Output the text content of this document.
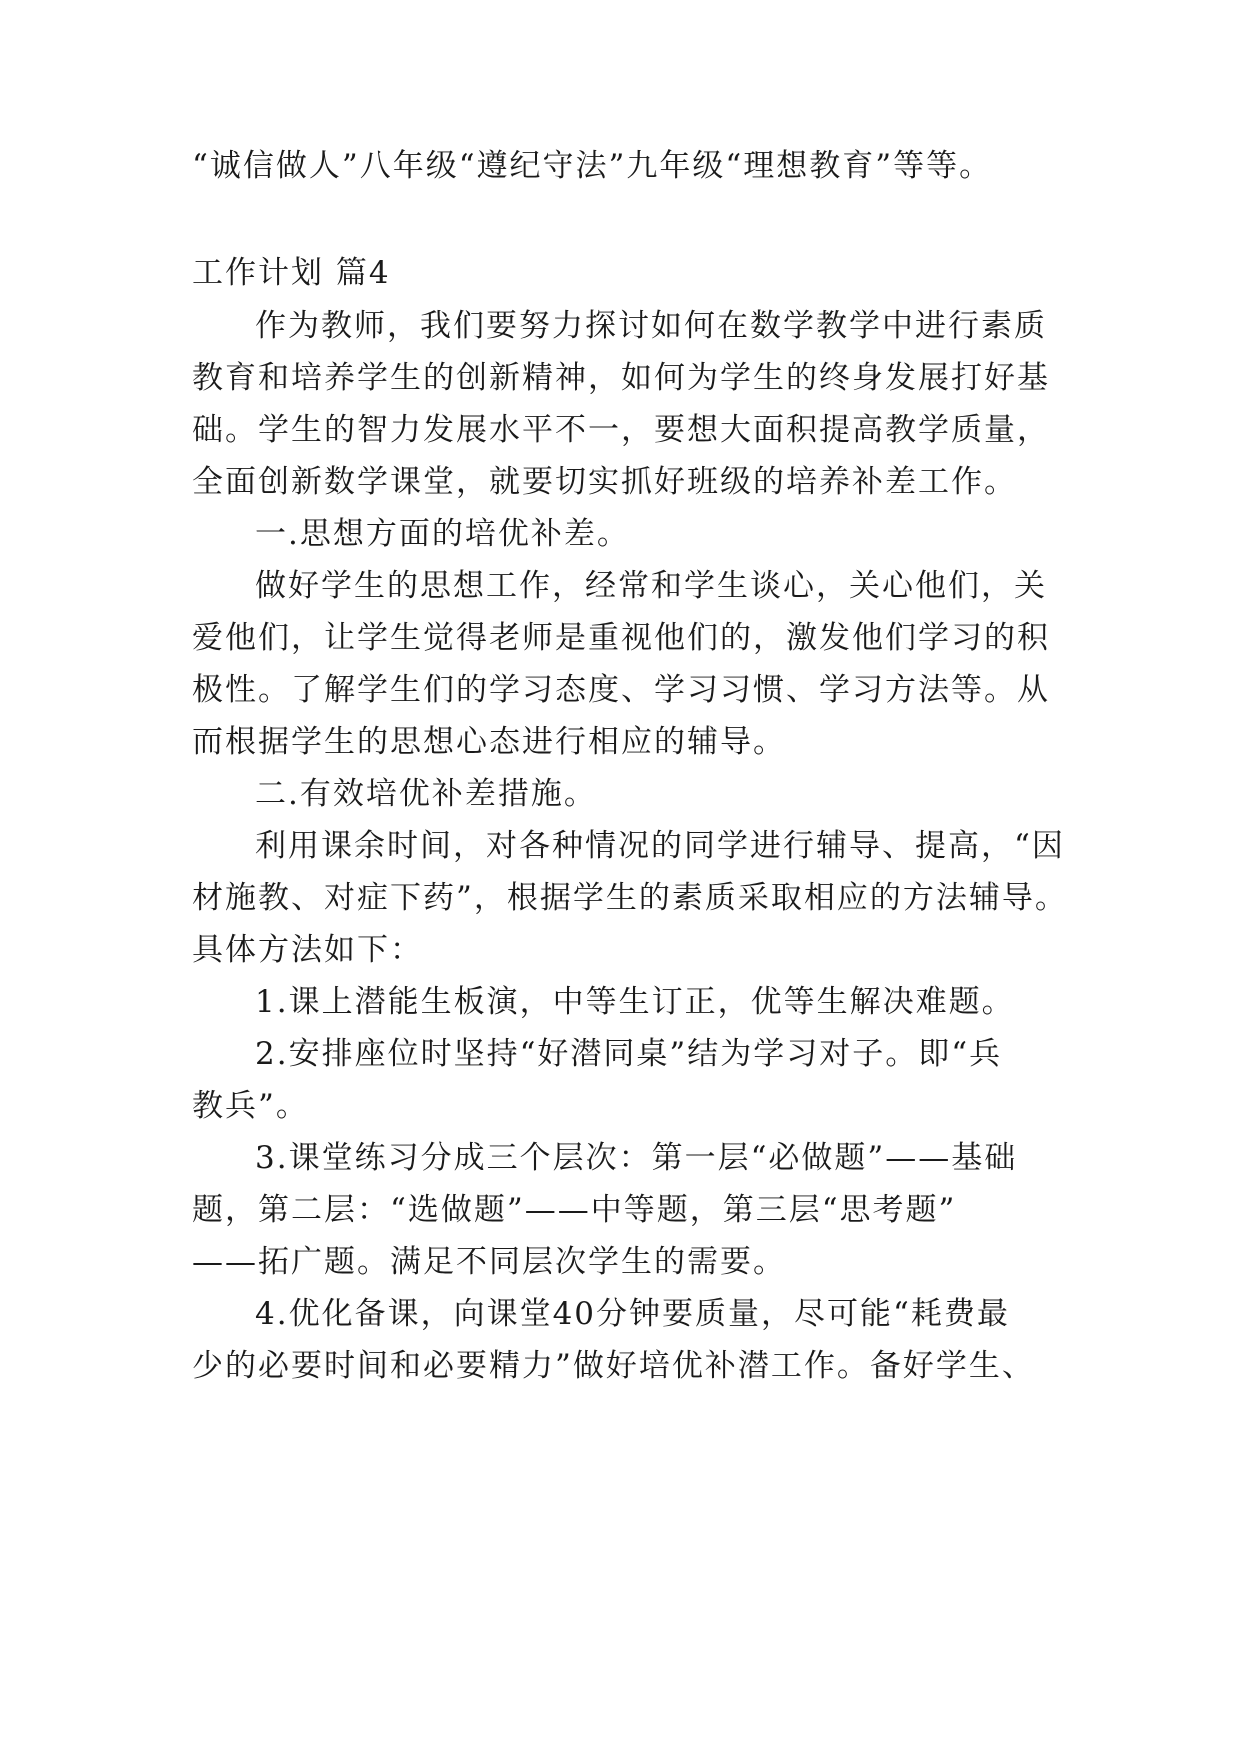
“诚信做人”八年级“遵纪守法”九年级“理想教育”等等。
工作计划 篇4
作为教师，我们要努力探讨如何在数学教学中进行素质
教育和培养学生的创新精神，如何为学生的终身发展打好基
础。学生的智力发展水平不一，要想大面积提高教学质量，
全面创新数学课堂，就要切实抓好班级的培养补差工作。
一.思想方面的培优补差。
做好学生的思想工作，经常和学生谈心，关心他们，关
爱他们，让学生觉得老师是重视他们的，激发他们学习的积
极性。了解学生们的学习态度、学习习惯、学习方法等。从
而根据学生的思想心态进行相应的辅导。
二.有效培优补差措施。
利用课余时间，对各种情况的同学进行辅导、提高，“因
材施教、对症下药”，根据学生的素质采取相应的方法辅导。
具体方法如下：
1.课上潜能生板演，中等生订正，优等生解决难题。
2.安排座位时坚持“好潜同桌”结为学习对子。即“兵
教兵”。
3.课堂练习分成三个层次：第一层“必做题”——基础
题，第二层：“选做题”——中等题，第三层“思考题”
——拓广题。满足不同层次学生的需要。
4.优化备课，向课堂40分钟要质量，尽可能“耗费最
少的必要时间和必要精力”做好培优补潜工作。备好学生、
